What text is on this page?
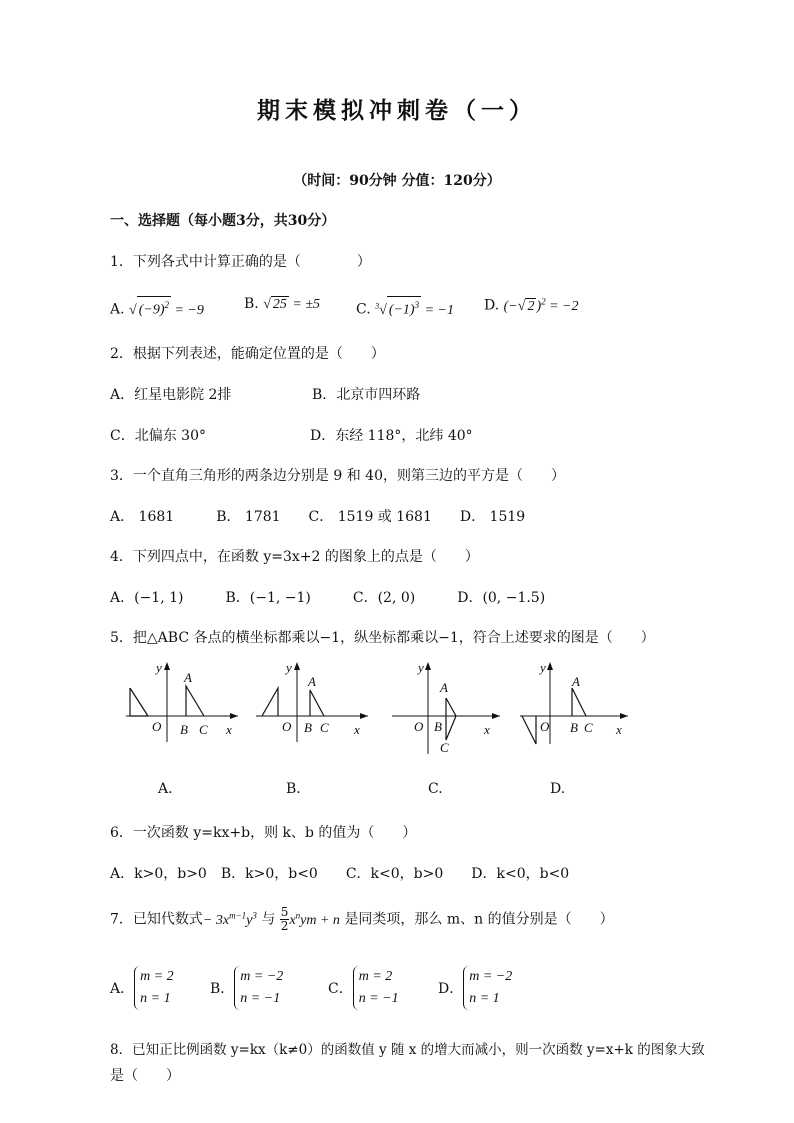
期末模拟冲刺卷（一）
（时间：90分钟 分值：120分）
一、选择题（每小题3分，共30分）
1．下列各式中计算正确的是（　　　　）
A. √ $(-9)^2 = -9$	B. √ 25 = ±5	C. $^3$√ $(-1)^3 = -1$ D. (−√ 2 )$^2$ = −2
2．根据下列表述，能确定位置的是（　　）
A．红星电影院 2排	B．北京市四环路
C．北偏东 30°	D．东经 118°，北纬 40°
3．一个直角三角形的两条边分别是 9 和 40，则第三边的平方是（　　）
A． 1681　　　B． 1781　　C． 1519 或 1681　　D． 1519
4．下列四点中，在函数 y=3x+2 的图象上的点是（　　）
A．(−1, 1)　　　B．(−1, −1)　　　C．(2, 0)　　　D．(0, −1.5)
5．把△ABC 各点的横坐标都乘以−1，纵坐标都乘以−1，符合上述要求的图是（　　）
y
O
A
B C x
y
O
A
B C x
y
O
A
B
C
x
y
O
A
B C x
A.	B.	C.	D.
6．一次函数 y=kx+b，则 k、b 的值为（　　）
A．k>0，b>0　B．k>0，b<0　　C．k<0，b>0　　D．k<0，b<0
7．已知代数式− $3x^{m-1}y^3$ 与 $\frac{5}{2} x^nym + n$ 是同类项，那么 m、n 的值分别是（　　）
A．
m = 2
n = 1
B．
m = −2
n = −1
C．
m = 2
n = −1
D．
m = −2
n = 1
8．已知正比例函数 y=kx（k≠0）的函数值 y 随 x 的增大而减小，则一次函数 y=x+k 的图象大致
是（　　）
